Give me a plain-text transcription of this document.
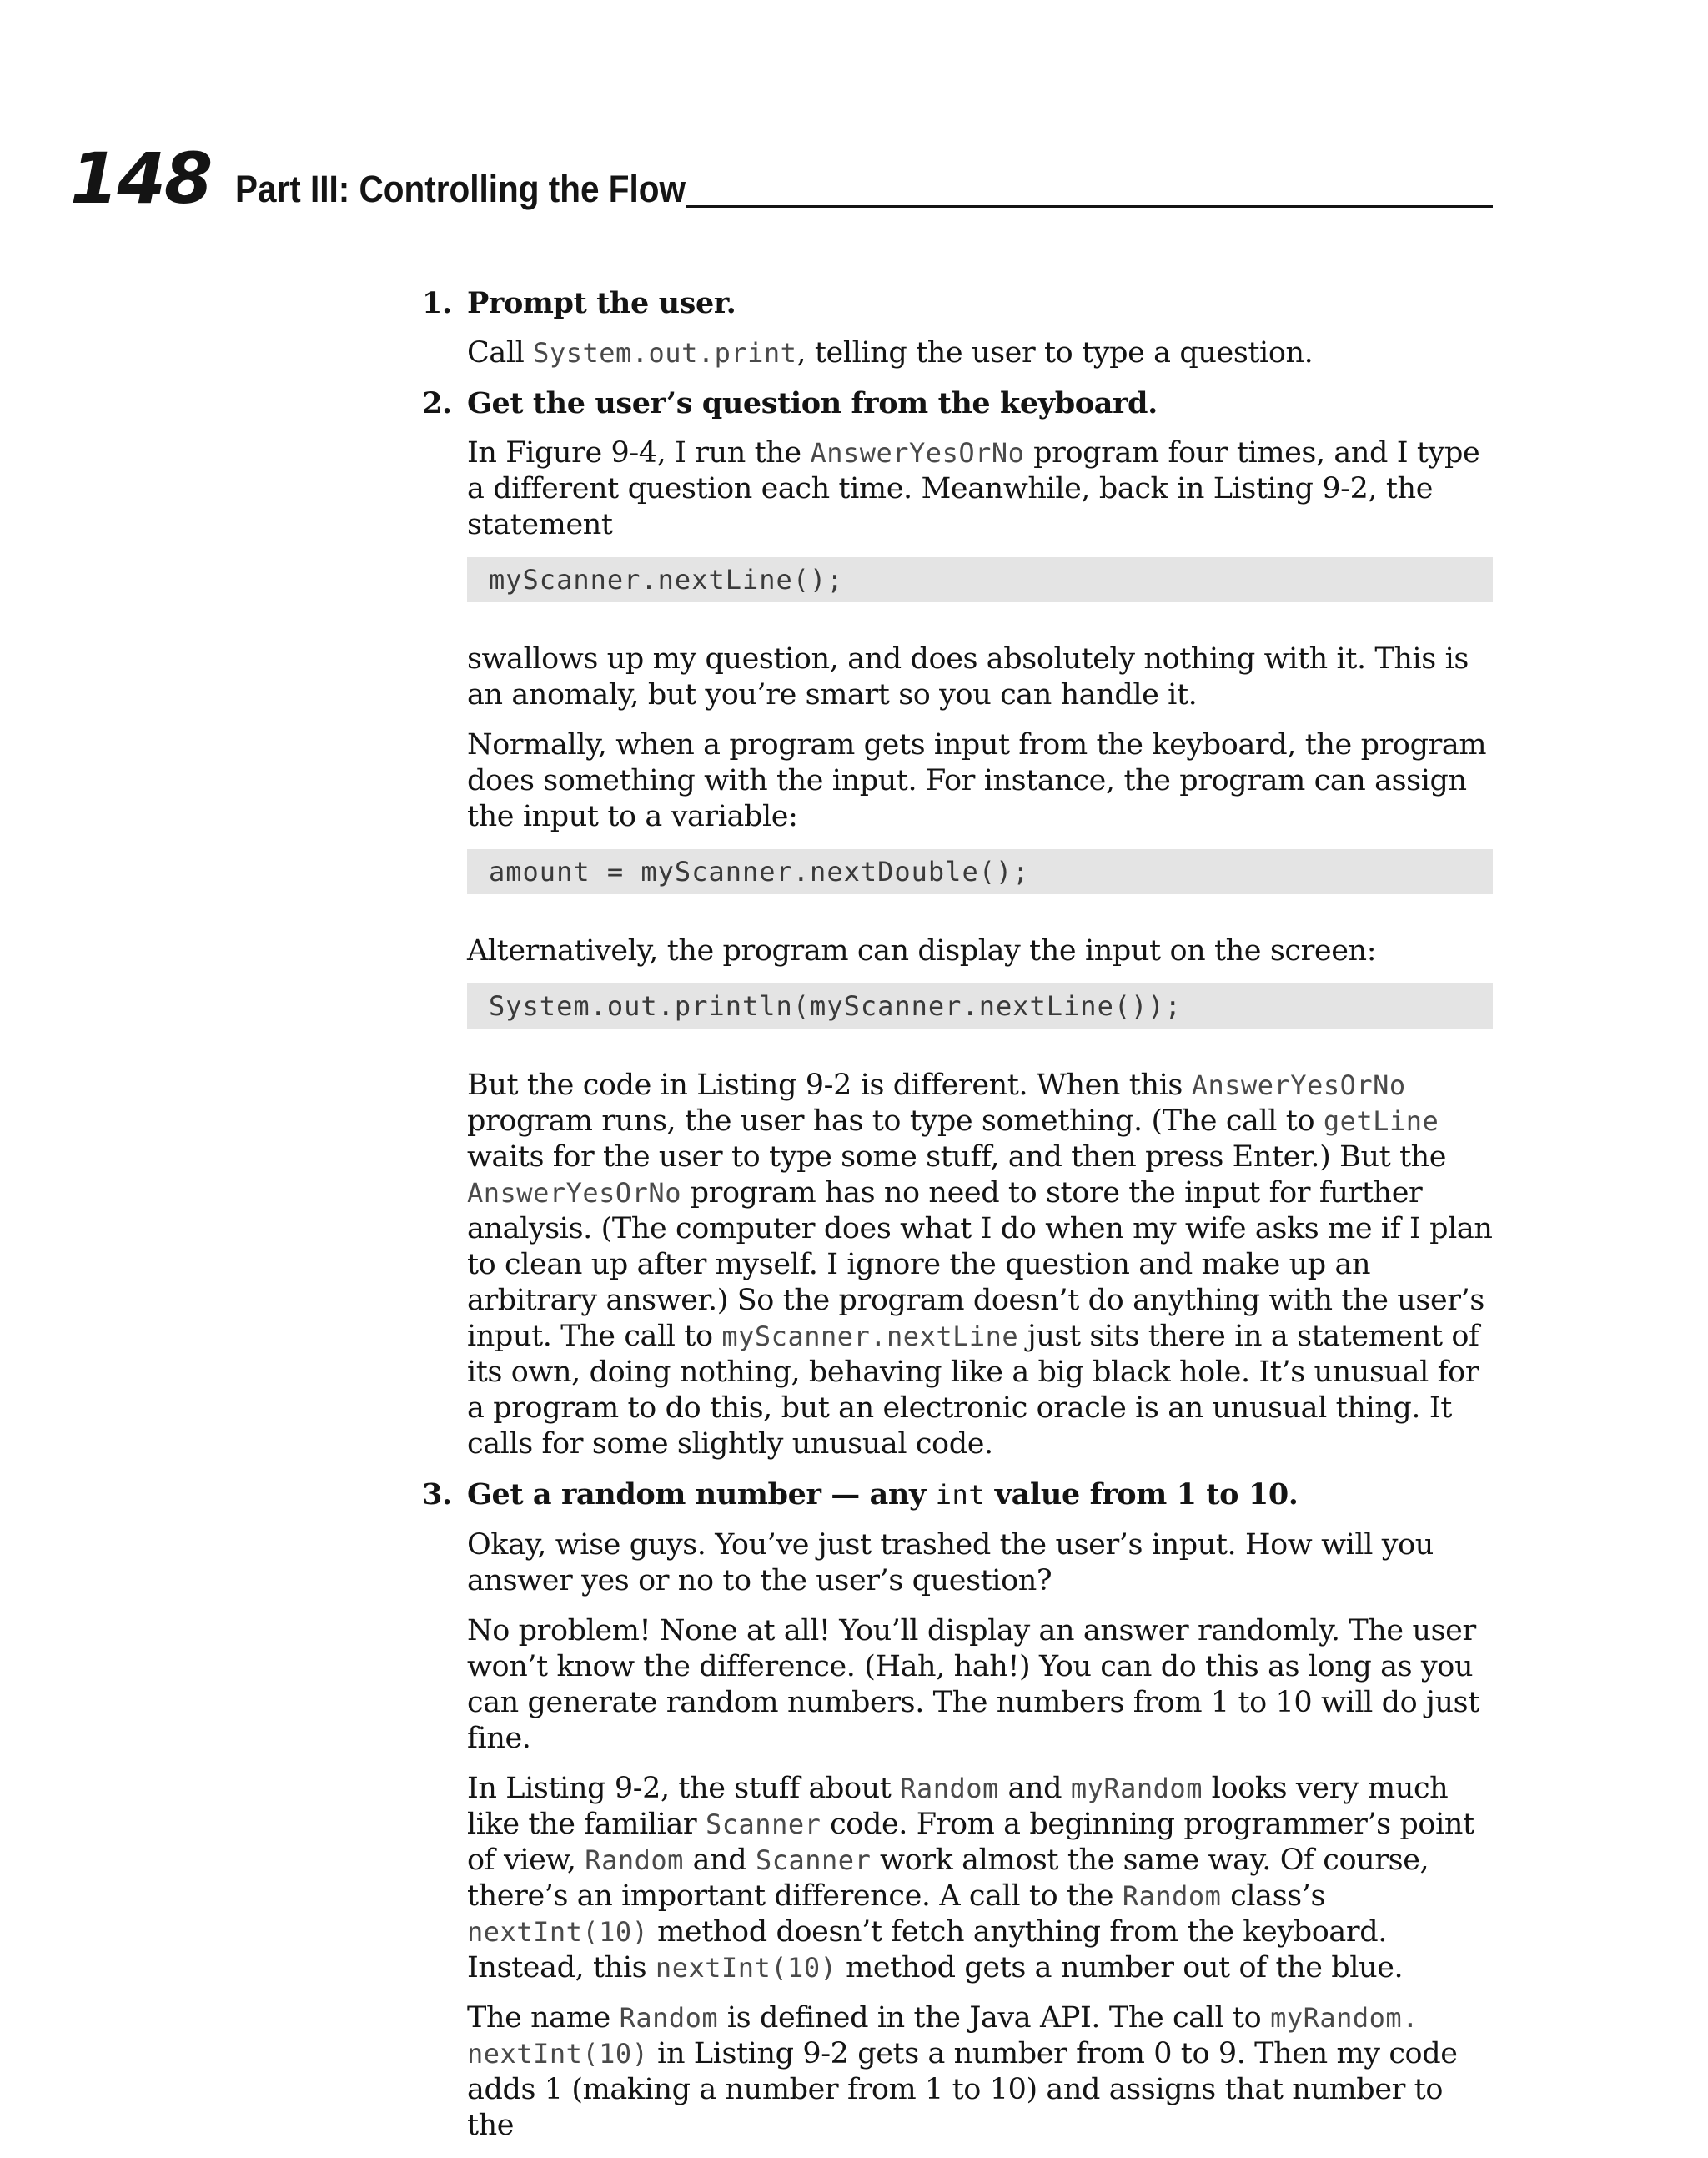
148 Part III: Controlling the Flow
1. Prompt the user.

Call System.out.print, telling the user to type a question.

2. Get the user’s question from the keyboard.

In Figure 9-4, I run the AnswerYesOrNo program four times, and I type a different question each time. Meanwhile, back in Listing 9-2, the statement

myScanner.nextLine();

swallows up my question, and does absolutely nothing with it. This is an anomaly, but you’re smart so you can handle it.

Normally, when a program gets input from the keyboard, the program does something with the input. For instance, the program can assign the input to a variable:

amount = myScanner.nextDouble();

Alternatively, the program can display the input on the screen:

System.out.println(myScanner.nextLine());

But the code in Listing 9-2 is different. When this AnswerYesOrNo program runs, the user has to type something. (The call to getLine waits for the user to type some stuff, and then press Enter.) But the AnswerYesOrNo program has no need to store the input for further analysis. (The computer does what I do when my wife asks me if I plan to clean up after myself. I ignore the question and make up an arbitrary answer.) So the program doesn’t do anything with the user’s input. The call to myScanner.nextLine just sits there in a statement of its own, doing nothing, behaving like a big black hole. It’s unusual for a program to do this, but an electronic oracle is an unusual thing. It calls for some slightly unusual code.

3. Get a random number — any int value from 1 to 10.

Okay, wise guys. You’ve just trashed the user’s input. How will you answer yes or no to the user’s question?

No problem! None at all! You’ll display an answer randomly. The user won’t know the difference. (Hah, hah!) You can do this as long as you can generate random numbers. The numbers from 1 to 10 will do just fine.

In Listing 9-2, the stuff about Random and myRandom looks very much like the familiar Scanner code. From a beginning programmer’s point of view, Random and Scanner work almost the same way. Of course, there’s an important difference. A call to the Random class’s nextInt(10) method doesn’t fetch anything from the keyboard. Instead, this nextInt(10) method gets a number out of the blue.

The name Random is defined in the Java API. The call to myRandom.
nextInt(10) in Listing 9-2 gets a number from 0 to 9. Then my code adds 1 (making a number from 1 to 10) and assigns that number to the
